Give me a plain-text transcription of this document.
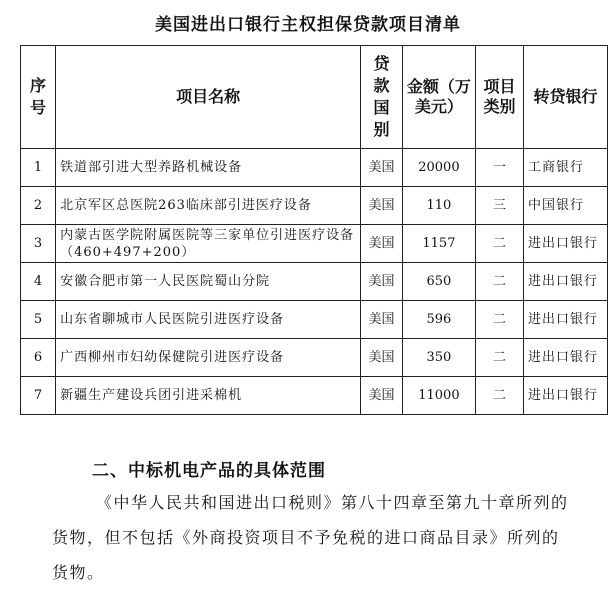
美国进出口银行主权担保贷款项目清单
序号	项目名称	贷款国别	金额（万美元）	项目类别	转贷银行
1	铁道部引进大型养路机械设备	美国	20000	一	工商银行
2	北京军区总医院263临床部引进医疗设备	美国	110	三	中国银行
3	内蒙古医学院附属医院等三家单位引进医疗设备（460+497+200）	美国	1157	二	进出口银行
4	安徽合肥市第一人民医院蜀山分院	美国	650	二	进出口银行
5	山东省聊城市人民医院引进医疗设备	美国	596	二	进出口银行
6	广西柳州市妇幼保健院引进医疗设备	美国	350	二	进出口银行
7	新疆生产建设兵团引进采棉机	美国	11000	二	进出口银行
二、中标机电产品的具体范围

《中华人民共和国进出口税则》第八十四章至第九十章所列的货物，但不包括《外商投资项目不予免税的进口商品目录》所列的货物。
